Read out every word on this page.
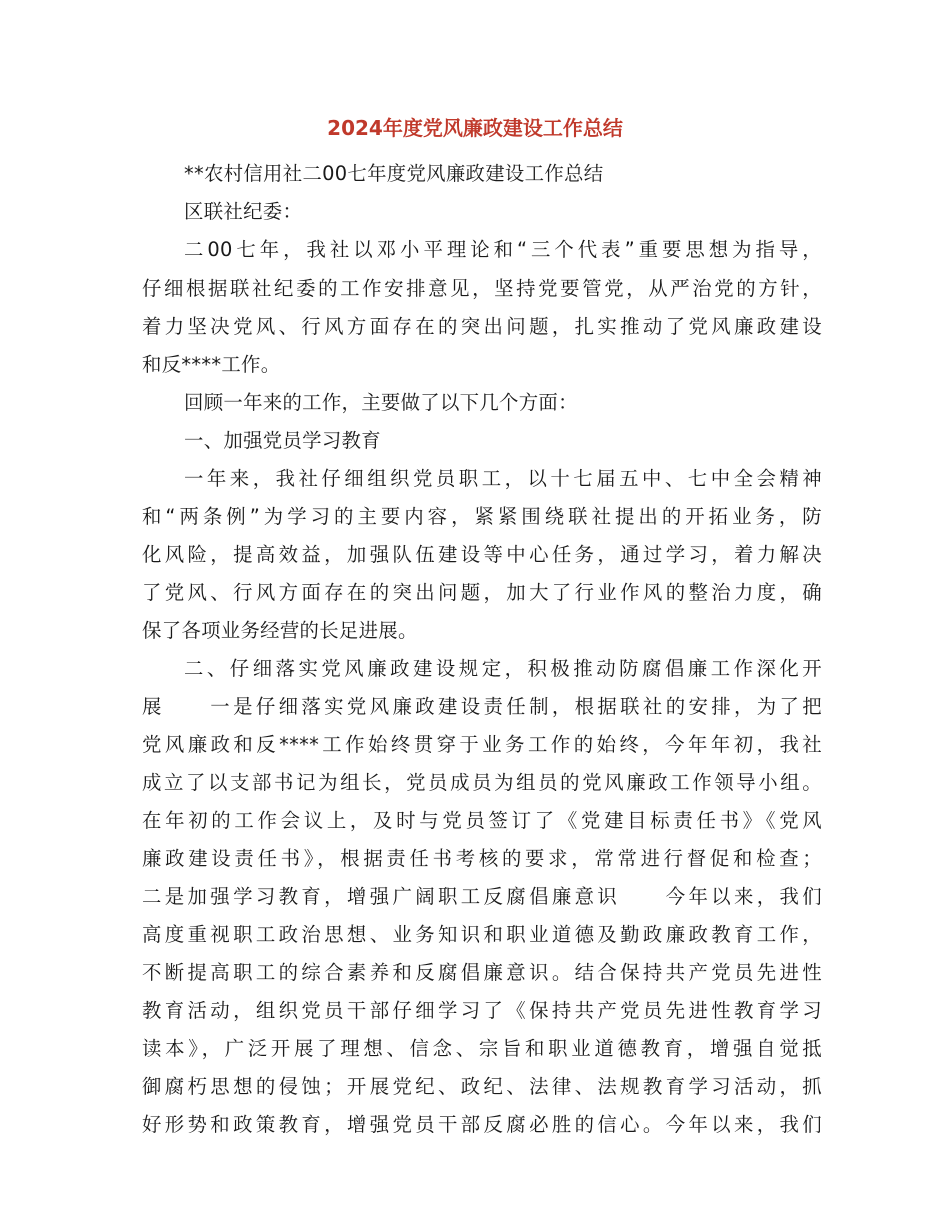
2024年度党风廉政建设工作总结
**农村信用社二00七年度党风廉政建设工作总结
区联社纪委：
二00七年，我社以邓小平理论和“三个代表”重要思想为指导，
仔细根据联社纪委的工作安排意见，坚持党要管党，从严治党的方针，
着力坚决党风、行风方面存在的突出问题，扎实推动了党风廉政建设
和反****工作。
回顾一年来的工作，主要做了以下几个方面：
一、加强党员学习教育
一年来，我社仔细组织党员职工，以十七届五中、七中全会精神
和“两条例”为学习的主要内容，紧紧围绕联社提出的开拓业务，防
化风险，提高效益，加强队伍建设等中心任务，通过学习，着力解决
了党风、行风方面存在的突出问题，加大了行业作风的整治力度，确
保了各项业务经营的长足进展。
二、仔细落实党风廉政建设规定，积极推动防腐倡廉工作深化开
展　　一是仔细落实党风廉政建设责任制，根据联社的安排，为了把
党风廉政和反****工作始终贯穿于业务工作的始终，今年年初，我社
成立了以支部书记为组长，党员成员为组员的党风廉政工作领导小组。
在年初的工作会议上，及时与党员签订了《党建目标责任书》《党风
廉政建设责任书》，根据责任书考核的要求，常常进行督促和检查；
二是加强学习教育，增强广阔职工反腐倡廉意识　　今年以来，我们
高度重视职工政治思想、业务知识和职业道德及勤政廉政教育工作，
不断提高职工的综合素养和反腐倡廉意识。结合保持共产党员先进性
教育活动，组织党员干部仔细学习了《保持共产党员先进性教育学习
读本》，广泛开展了理想、信念、宗旨和职业道德教育，增强自觉抵
御腐朽思想的侵蚀；开展党纪、政纪、法律、法规教育学习活动，抓
好形势和政策教育，增强党员干部反腐必胜的信心。今年以来，我们
